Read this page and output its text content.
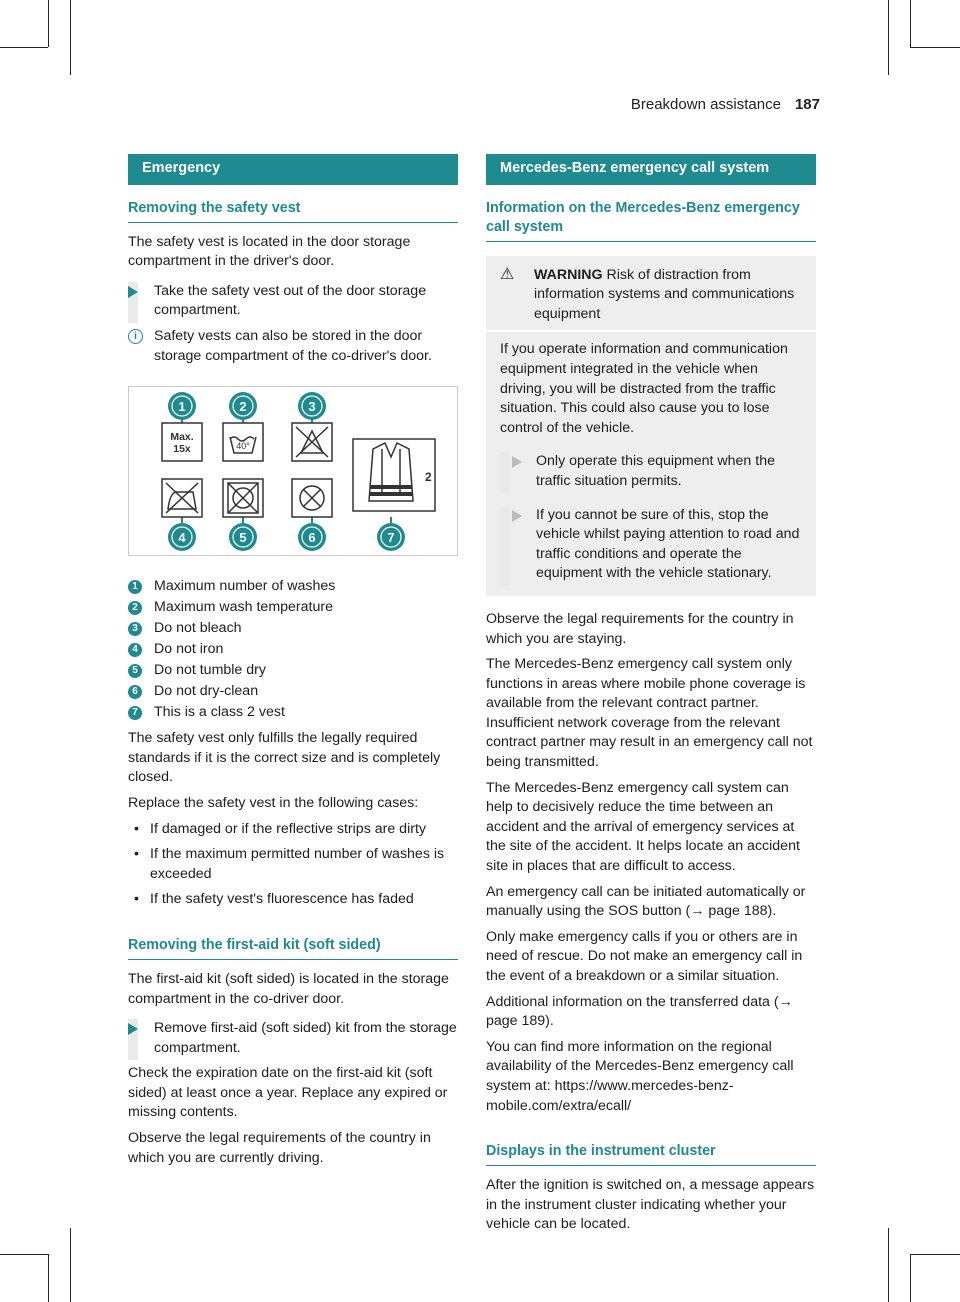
Breakdown assistance 187
Emergency
Removing the safety vest

The safety vest is located in the door storage compartment in the driver's door.

Take the safety vest out of the door storage compartment.
i	Safety vests can also be stored in the door storage compartment of the co-driver's door.
1	2	3
4	5	6	7
Max.
15x	40°
2
1 Maximum number of washes
2 Maximum wash temperature
3 Do not bleach
4 Do not iron
5 Do not tumble dry
6 Do not dry-clean
7 This is a class 2 vest

The safety vest only fulfills the legally required standards if it is the correct size and is completely closed.

Replace the safety vest in the following cases:

• If damaged or if the reflective strips are dirty
• If the maximum permitted number of washes is exceeded
• If the safety vest's fluorescence has faded
Removing the first-aid kit (soft sided)

The first-aid kit (soft sided) is located in the storage compartment in the co-driver door.

Remove first-aid (soft sided) kit from the storage compartment.

Check the expiration date on the first-aid kit (soft sided) at least once a year. Replace any expired or missing contents.

Observe the legal requirements of the country in which you are currently driving.

Mercedes-Benz emergency call system
Information on the Mercedes-Benz emergency call system
⚠	WARNING Risk of distraction from information systems and communications equipment

If you operate information and communication equipment integrated in the vehicle when driving, you will be distracted from the traffic situation. This could also cause you to lose control of the vehicle.

Only operate this equipment when the traffic situation permits.
If you cannot be sure of this, stop the vehicle whilst paying attention to road and traffic conditions and operate the equipment with the vehicle stationary.

Observe the legal requirements for the country in which you are staying.

The Mercedes-Benz emergency call system only functions in areas where mobile phone coverage is available from the relevant contract partner. Insufficient network coverage from the relevant contract partner may result in an emergency call not being transmitted.

The Mercedes-Benz emergency call system can help to decisively reduce the time between an accident and the arrival of emergency services at the site of the accident. It helps locate an accident site in places that are difficult to access.

An emergency call can be initiated automatically or manually using the SOS button (→ page 188).

Only make emergency calls if you or others are in need of rescue. Do not make an emergency call in the event of a breakdown or a similar situation.

Additional information on the transferred data (→ page 189).

You can find more information on the regional availability of the Mercedes-Benz emergency call system at: https://www.mercedes-benz-mobile.com/extra/ecall/

Displays in the instrument cluster

After the ignition is switched on, a message appears in the instrument cluster indicating whether your vehicle can be located.
